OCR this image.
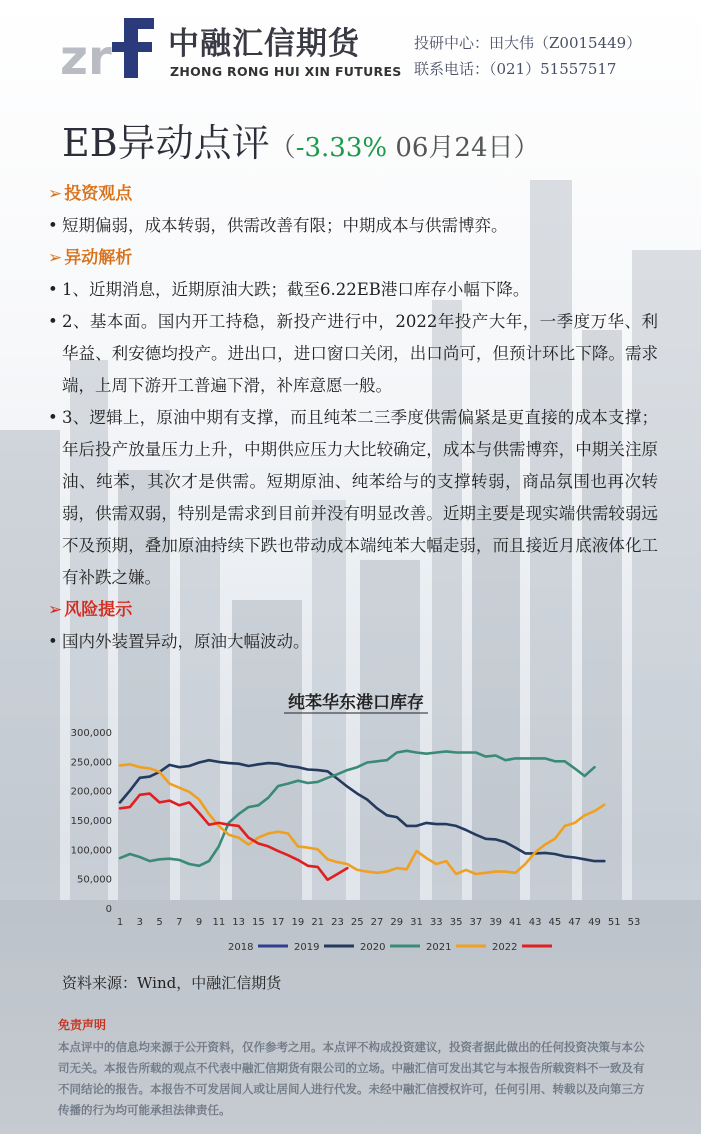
zr 中融汇信期货
ZHONG RONG HUI XIN FUTURES
投研中心：田大伟（Z0015449）
联系电话：（021）51557517
EB异动点评（-3.33% 06月24日）
➢ 投资观点
• 短期偏弱，成本转弱，供需改善有限；中期成本与供需博弈。
➢ 异动解析
• 1、近期消息，近期原油大跌；截至6.22EB港口库存小幅下降。
• 2、基本面。国内开工持稳，新投产进行中，2022年投产大年，一季度万华、利华益、利安德均投产。进出口，进口窗口关闭，出口尚可，但预计环比下降。需求端，上周下游开工普遍下滑，补库意愿一般。
• 3、逻辑上，原油中期有支撑，而且纯苯二三季度供需偏紧是更直接的成本支撑；年后投产放量压力上升，中期供应压力大比较确定，成本与供需博弈，中期关注原油、纯苯，其次才是供需。短期原油、纯苯给与的支撑转弱，商品氛围也再次转弱，供需双弱，特别是需求到目前并没有明显改善。近期主要是现实端供需较弱远不及预期，叠加原油持续下跌也带动成本端纯苯大幅走弱，而且接近月底液体化工有补跌之嫌。
➢ 风险提示
• 国内外装置异动，原油大幅波动。
纯苯华东港口库存
0
50,000
100,000
150,000
200,000
250,000
300,000
1 3 5 7 9 11 13 15 17 19 21 23 25 27 29 31 33 35 37 39 41 43 45 47 49 51 53
2018	2019	2020	2021	2022
资料来源：Wind，中融汇信期货
免责声明
本点评中的信息均来源于公开资料，仅作参考之用。本点评不构成投资建议，投资者据此做出的任何投资决策与本公司无关。本报告所载的观点不代表中融汇信期货有限公司的立场。中融汇信可发出其它与本报告所载资料不一致及有不同结论的报告。本报告不可发居间人或让居间人进行代发。未经中融汇信授权许可，任何引用、转载以及向第三方传播的行为均可能承担法律责任。
